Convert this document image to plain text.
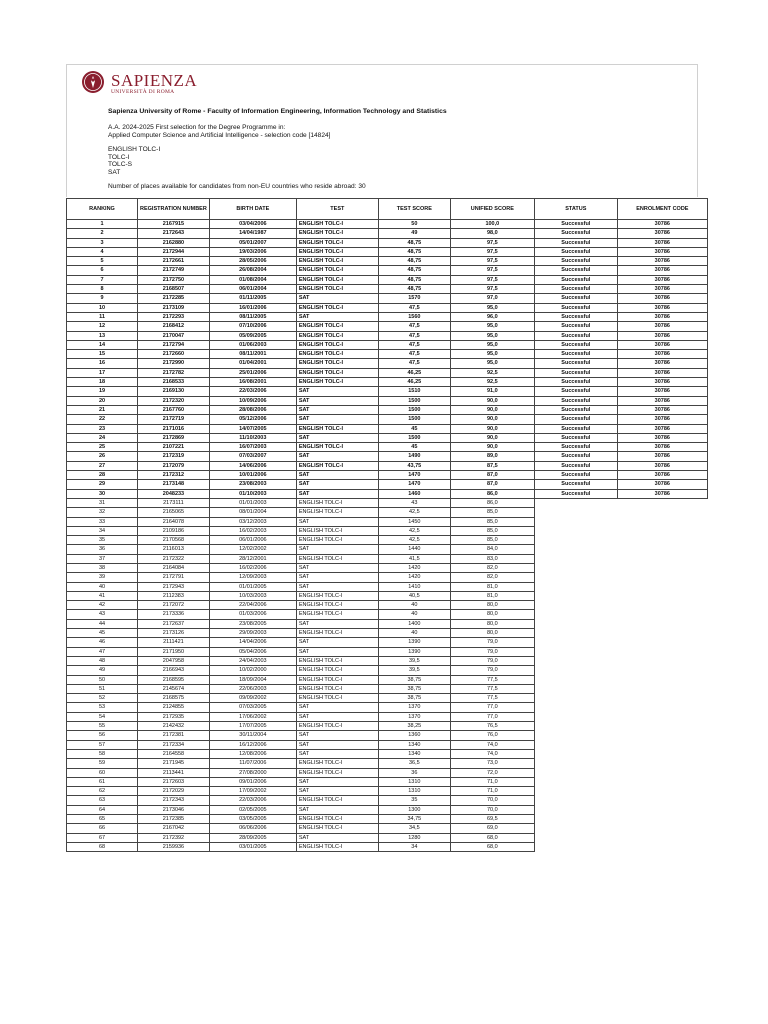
SAPIENZA
UNIVERSITÀ DI ROMA
Sapienza University of Rome - Faculty of Information Engineering, Information Technology and Statistics
A.A. 2024-2025 First selection for the Degree Programme in:
Applied Computer Science and Artificial Intelligence - selection code [14824]
ENGLISH TOLC-I
TOLC-I
TOLC-S
SAT
Number of places available for candidates from non-EU countries who reside abroad: 30
RANKING	REGISTRATION NUMBER	BIRTH DATE	TEST	TEST SCORE	UNIFIED SCORE	STATUS	ENROLMENT CODE
1	2167915	03/04/2006	ENGLISH TOLC-I	50	100,0	Successful	30786
2	2172643	14/04/1987	ENGLISH TOLC-I	49	98,0	Successful	30786
3	2162880	05/01/2007	ENGLISH TOLC-I	48,75	97,5	Successful	30786
4	2172944	19/03/2006	ENGLISH TOLC-I	48,75	97,5	Successful	30786
5	2172661	28/05/2006	ENGLISH TOLC-I	48,75	97,5	Successful	30786
6	2172749	26/08/2004	ENGLISH TOLC-I	48,75	97,5	Successful	30786
7	2172750	01/08/2004	ENGLISH TOLC-I	48,75	97,5	Successful	30786
8	2168507	06/01/2004	ENGLISH TOLC-I	48,75	97,5	Successful	30786
9	2172285	01/11/2005	SAT	1570	97,0	Successful	30786
10	2173109	16/01/2006	ENGLISH TOLC-I	47,5	95,0	Successful	30786
11	2172293	08/11/2005	SAT	1560	96,0	Successful	30786
12	2168412	07/10/2006	ENGLISH TOLC-I	47,5	95,0	Successful	30786
13	2170047	05/09/2005	ENGLISH TOLC-I	47,5	95,0	Successful	30786
14	2172794	01/06/2003	ENGLISH TOLC-I	47,5	95,0	Successful	30786
15	2172660	08/11/2001	ENGLISH TOLC-I	47,5	95,0	Successful	30786
16	2172990	01/04/2001	ENGLISH TOLC-I	47,5	95,0	Successful	30786
17	2172782	25/01/2006	ENGLISH TOLC-I	46,25	92,5	Successful	30786
18	2168533	16/08/2001	ENGLISH TOLC-I	46,25	92,5	Successful	30786
19	2169130	22/03/2006	SAT	1510	91,0	Successful	30786
20	2172320	10/09/2006	SAT	1500	90,0	Successful	30786
21	2167760	28/08/2006	SAT	1500	90,0	Successful	30786
22	2172719	05/12/2006	SAT	1500	90,0	Successful	30786
23	2171016	14/07/2005	ENGLISH TOLC-I	45	90,0	Successful	30786
24	2172869	11/10/2003	SAT	1500	90,0	Successful	30786
25	2107221	16/07/2003	ENGLISH TOLC-I	45	90,0	Successful	30786
26	2172319	07/03/2007	SAT	1490	89,0	Successful	30786
27	2172079	14/06/2006	ENGLISH TOLC-I	43,75	87,5	Successful	30786
28	2172312	10/01/2006	SAT	1470	87,0	Successful	30786
29	2173148	23/08/2003	SAT	1470	87,0	Successful	30786
30	2048233	01/10/2003	SAT	1460	86,0	Successful	30786
31	2173111	01/01/2003	ENGLISH TOLC-I	43	86,0		
32	2165065	08/01/2004	ENGLISH TOLC-I	42,5	85,0		
33	2164078	03/12/2003	SAT	1450	85,0		
34	2109186	16/02/2003	ENGLISH TOLC-I	42,5	85,0		
35	2170568	06/01/2006	ENGLISH TOLC-I	42,5	85,0		
36	2116013	12/02/2002	SAT	1440	84,0		
37	2172322	28/12/2001	ENGLISH TOLC-I	41,5	83,0		
38	2164084	16/02/2006	SAT	1420	82,0		
39	2172791	12/09/2003	SAT	1420	82,0		
40	2172943	01/01/2005	SAT	1410	81,0		
41	2112383	10/03/2003	ENGLISH TOLC-I	40,5	81,0		
42	2172072	22/04/2006	ENGLISH TOLC-I	40	80,0		
43	2173336	01/03/2006	ENGLISH TOLC-I	40	80,0		
44	2172637	23/08/2005	SAT	1400	80,0		
45	2173126	29/09/2003	ENGLISH TOLC-I	40	80,0		
46	2111421	14/04/2006	SAT	1390	79,0		
47	2171950	05/04/2006	SAT	1390	79,0		
48	2047958	24/04/2003	ENGLISH TOLC-I	39,5	79,0		
49	2166943	10/02/2000	ENGLISH TOLC-I	39,5	79,0		
50	2168595	18/09/2004	ENGLISH TOLC-I	38,75	77,5		
51	2145674	22/06/2003	ENGLISH TOLC-I	38,75	77,5		
52	2168575	09/09/2002	ENGLISH TOLC-I	38,75	77,5		
53	2124855	07/03/2005	SAT	1370	77,0		
54	2172935	17/06/2002	SAT	1370	77,0		
55	2142432	17/07/2005	ENGLISH TOLC-I	38,25	76,5		
56	2172381	30/11/2004	SAT	1360	76,0		
57	2172334	16/12/2006	SAT	1340	74,0		
58	2164558	12/08/2006	SAT	1340	74,0		
59	2171945	11/07/2006	ENGLISH TOLC-I	36,5	73,0		
60	2113441	27/08/2000	ENGLISH TOLC-I	36	72,0		
61	2172603	09/01/2006	SAT	1310	71,0		
62	2172029	17/09/2002	SAT	1310	71,0		
63	2172343	22/03/2006	ENGLISH TOLC-I	35	70,0		
64	2173046	02/05/2005	SAT	1300	70,0		
65	2172385	03/05/2005	ENGLISH TOLC-I	34,75	69,5		
66	2167042	06/06/2006	ENGLISH TOLC-I	34,5	69,0		
67	2172392	28/09/2005	SAT	1280	68,0		
68	2159936	03/01/2005	ENGLISH TOLC-I	34	68,0		
